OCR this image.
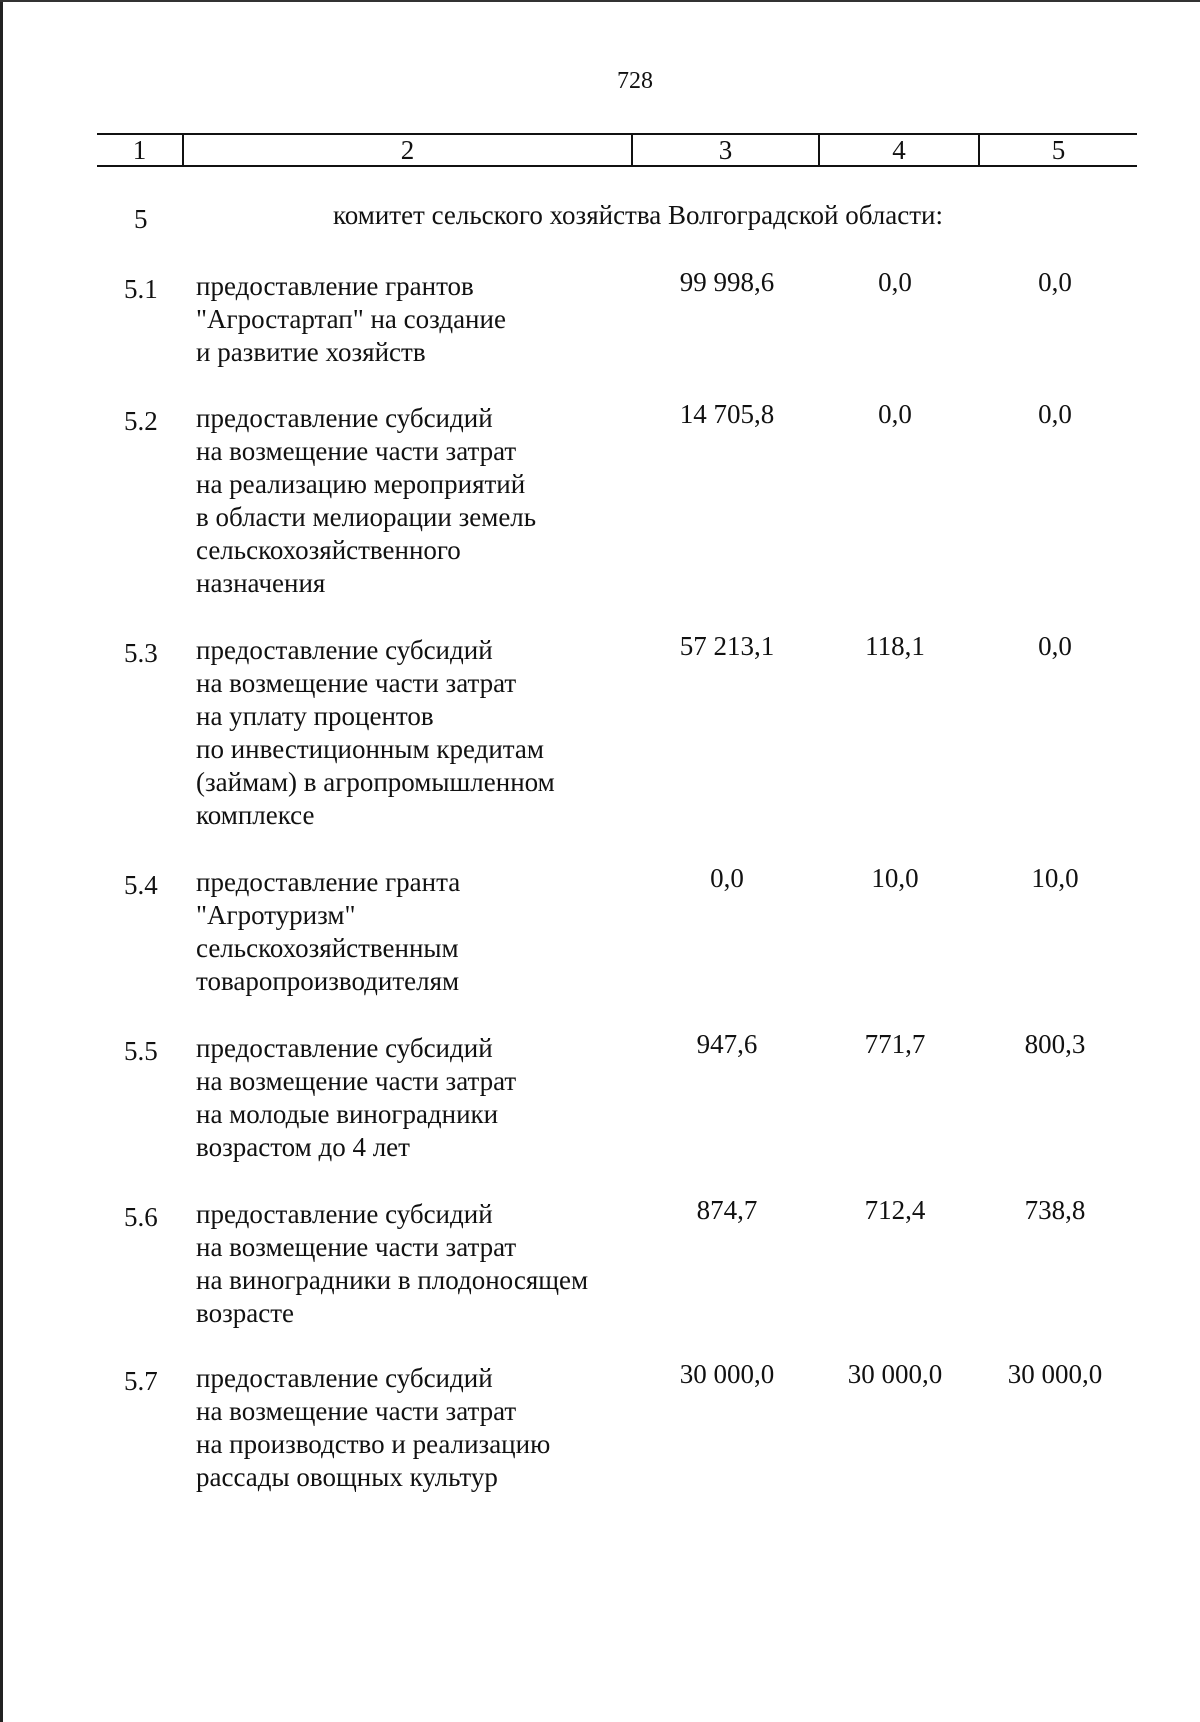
728
1	2	3	4	5
5	комитет сельского хозяйства Волгоградской области:
5.1 предоставление грантов
"Агростартап" на создание
и развитие хозяйств
99 998,6	0,0	0,0
5.2 предоставление субсидий
на возмещение части затрат
на реализацию мероприятий
в области мелиорации земель
сельскохозяйственного
назначения
14 705,8	0,0	0,0
5.3 предоставление субсидий
на возмещение части затрат
на уплату процентов
по инвестиционным кредитам
(займам) в агропромышленном
комплексе
57 213,1	118,1	0,0
5.4 предоставление гранта
"Агротуризм"
сельскохозяйственным
товаропроизводителям
0,0	10,0	10,0
5.5 предоставление субсидий
на возмещение части затрат
на молодые виноградники
возрастом до 4 лет
947,6	771,7	800,3
5.6 предоставление субсидий
на возмещение части затрат
на виноградники в плодоносящем
возрасте
874,7	712,4	738,8
5.7 предоставление субсидий
на возмещение части затрат
на производство и реализацию
рассады овощных культур
30 000,0	30 000,0	30 000,0
